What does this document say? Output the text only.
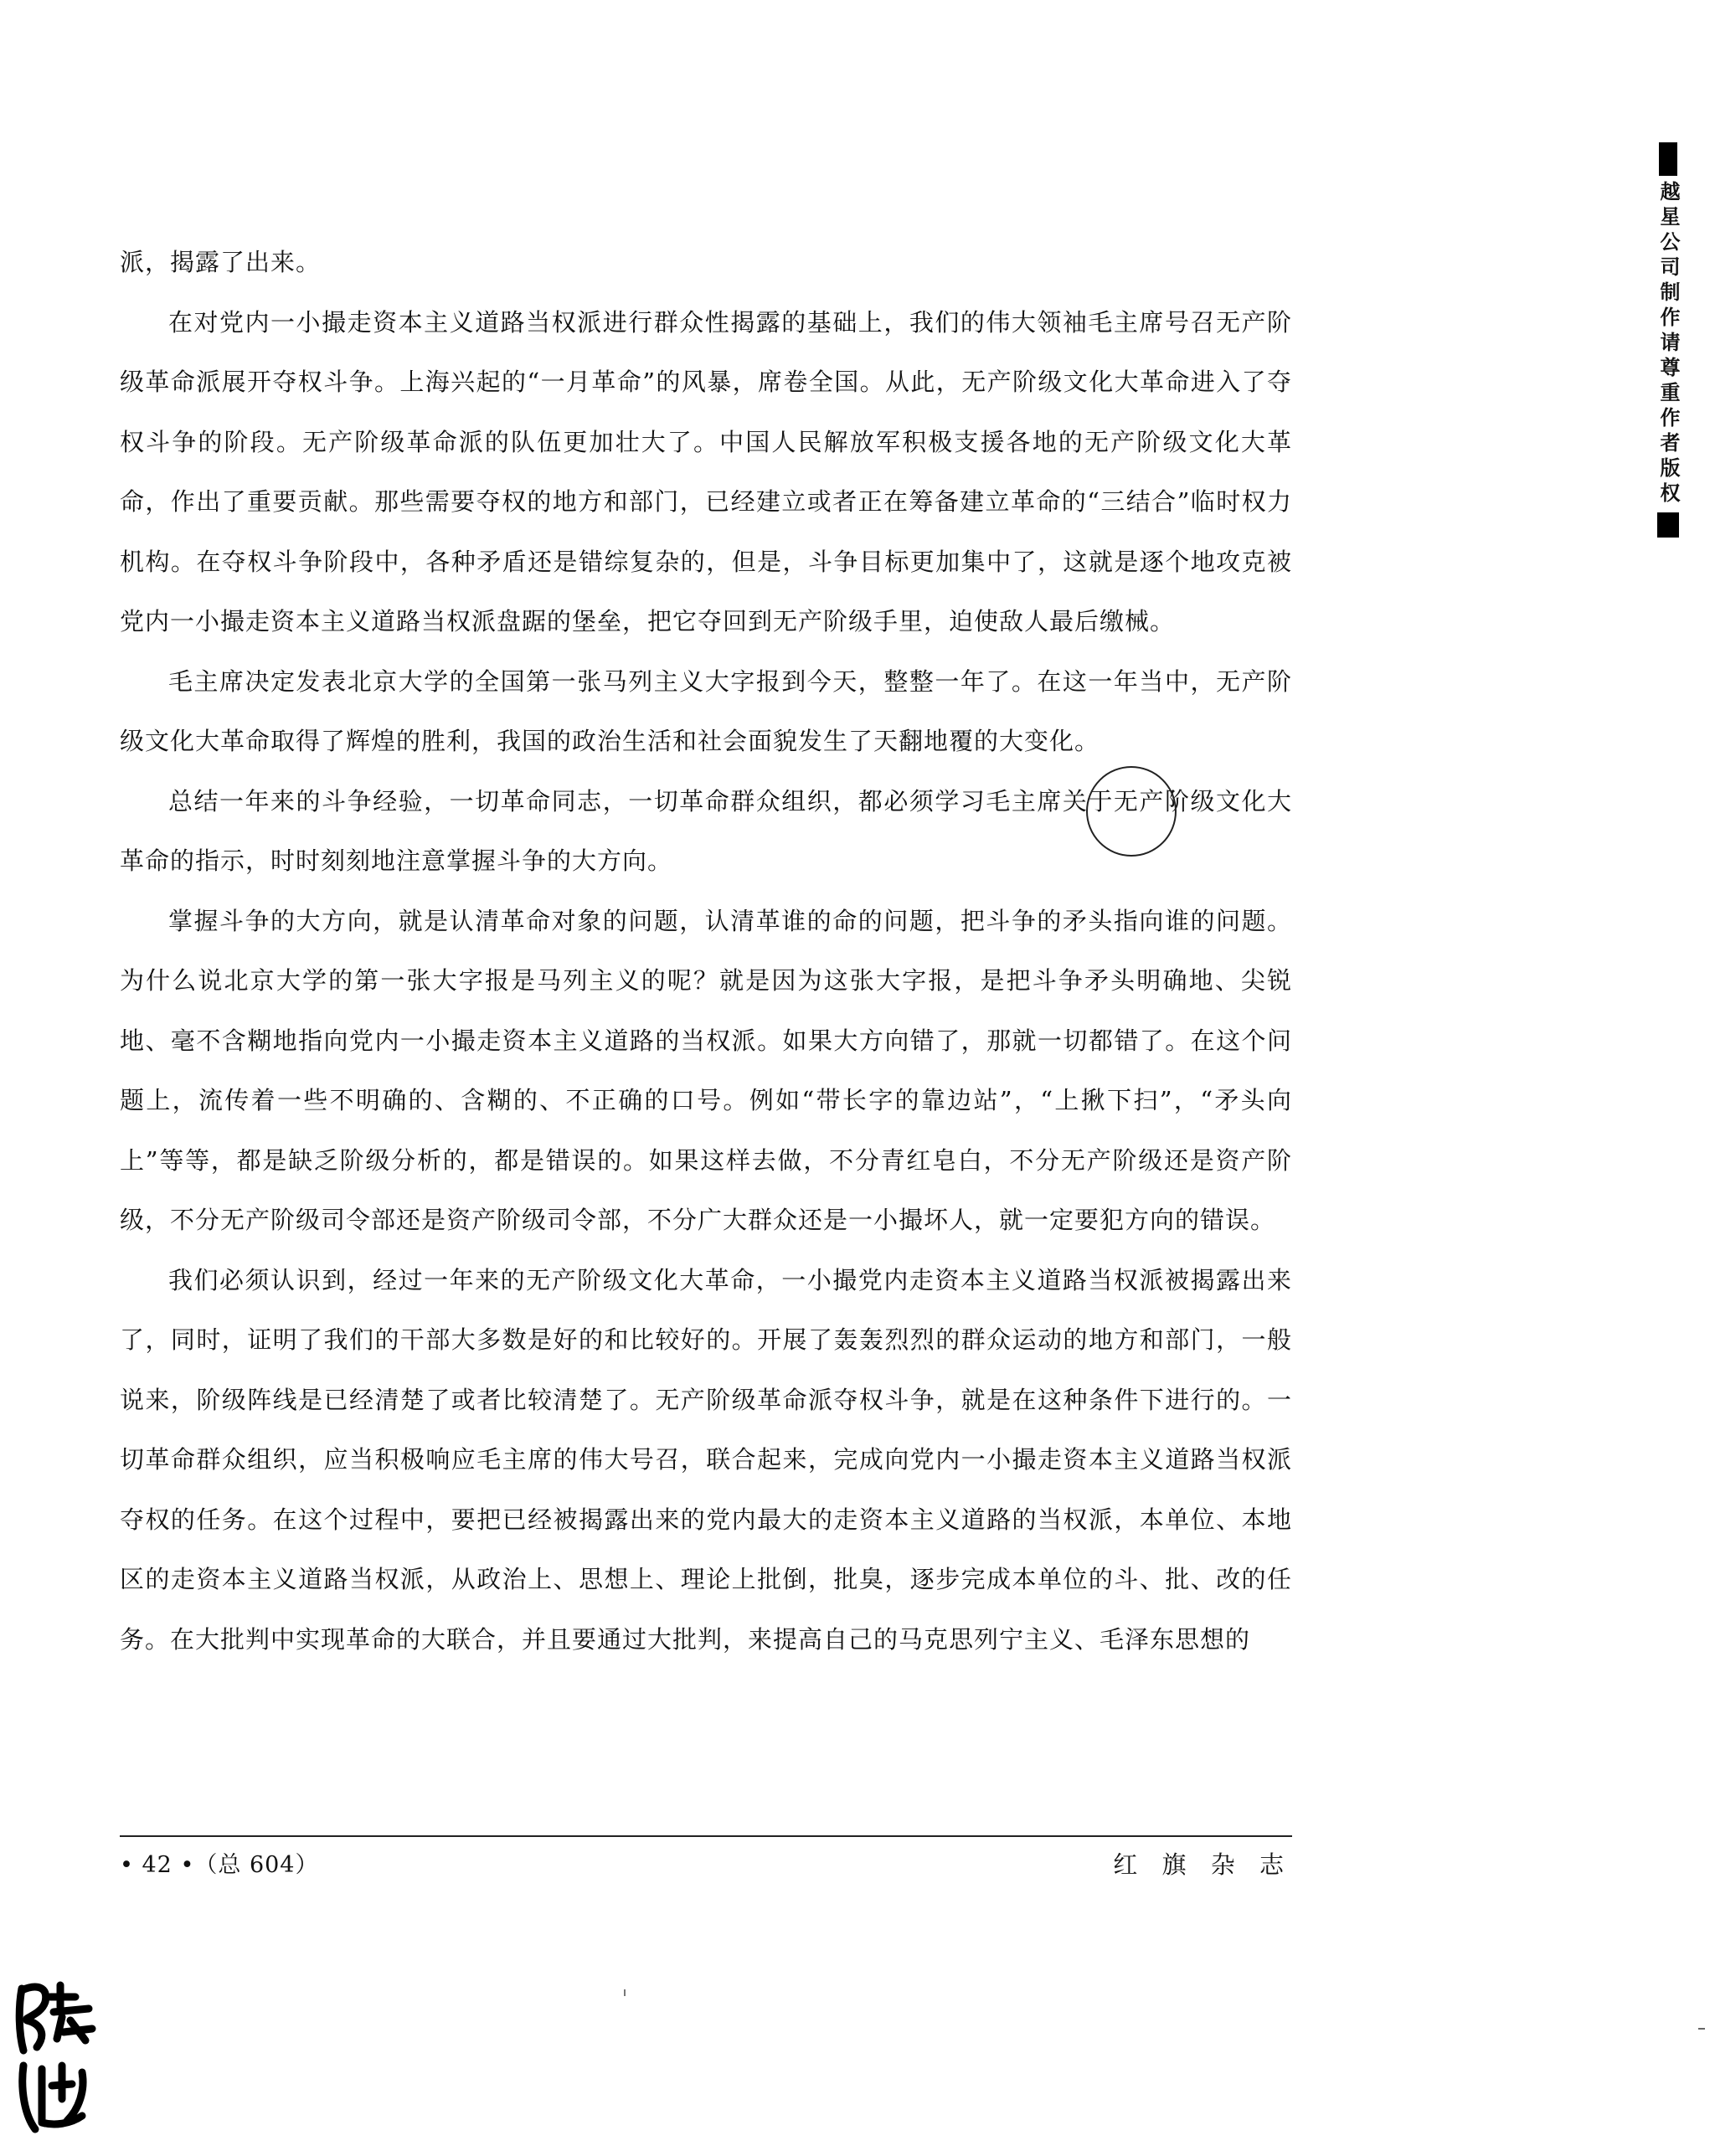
派，揭露了出来。

在对党内一小撮走资本主义道路当权派进行群众性揭露的基础上，我们的伟大领袖毛主席号召无产阶级革命派展开夺权斗争。上海兴起的“一月革命”的风暴，席卷全国。从此，无产阶级文化大革命进入了夺权斗争的阶段。无产阶级革命派的队伍更加壮大了。中国人民解放军积极支援各地的无产阶级文化大革命，作出了重要贡献。那些需要夺权的地方和部门，已经建立或者正在筹备建立革命的“三结合”临时权力机构。在夺权斗争阶段中，各种矛盾还是错综复杂的，但是，斗争目标更加集中了，这就是逐个地攻克被党内一小撮走资本主义道路当权派盘踞的堡垒，把它夺回到无产阶级手里，迫使敌人最后缴械。

毛主席决定发表北京大学的全国第一张马列主义大字报到今天，整整一年了。在这一年当中，无产阶级文化大革命取得了辉煌的胜利，我国的政治生活和社会面貌发生了天翻地覆的大变化。

总结一年来的斗争经验，一切革命同志，一切革命群众组织，都必须学习毛主席关于无产阶级文化大革命的指示，时时刻刻地注意掌握斗争的大方向。

掌握斗争的大方向，就是认清革命对象的问题，认清革谁的命的问题，把斗争的矛头指向谁的问题。为什么说北京大学的第一张大字报是马列主义的呢？就是因为这张大字报，是把斗争矛头明确地、尖锐地、毫不含糊地指向党内一小撮走资本主义道路的当权派。如果大方向错了，那就一切都错了。在这个问题上，流传着一些不明确的、含糊的、不正确的口号。例如“带长字的靠边站”，“上揪下扫”，“矛头向上”等等，都是缺乏阶级分析的，都是错误的。如果这样去做，不分青红皂白，不分无产阶级还是资产阶级，不分无产阶级司令部还是资产阶级司令部，不分广大群众还是一小撮坏人，就一定要犯方向的错误。

我们必须认识到，经过一年来的无产阶级文化大革命，一小撮党内走资本主义道路当权派被揭露出来了，同时，证明了我们的干部大多数是好的和比较好的。开展了轰轰烈烈的群众运动的地方和部门，一般说来，阶级阵线是已经清楚了或者比较清楚了。无产阶级革命派夺权斗争，就是在这种条件下进行的。一切革命群众组织，应当积极响应毛主席的伟大号召，联合起来，完成向党内一小撮走资本主义道路当权派夺权的任务。在这个过程中，要把已经被揭露出来的党内最大的走资本主义道路的当权派，本单位、本地区的走资本主义道路当权派，从政治上、思想上、理论上批倒，批臭，逐步完成本单位的斗、批、改的任务。在大批判中实现革命的大联合，并且要通过大批判，来提高自己的马克思列宁主义、毛泽东思想的

• 42 •（总 604）	红 旗 杂 志
越星公司制作请尊重作者版权
